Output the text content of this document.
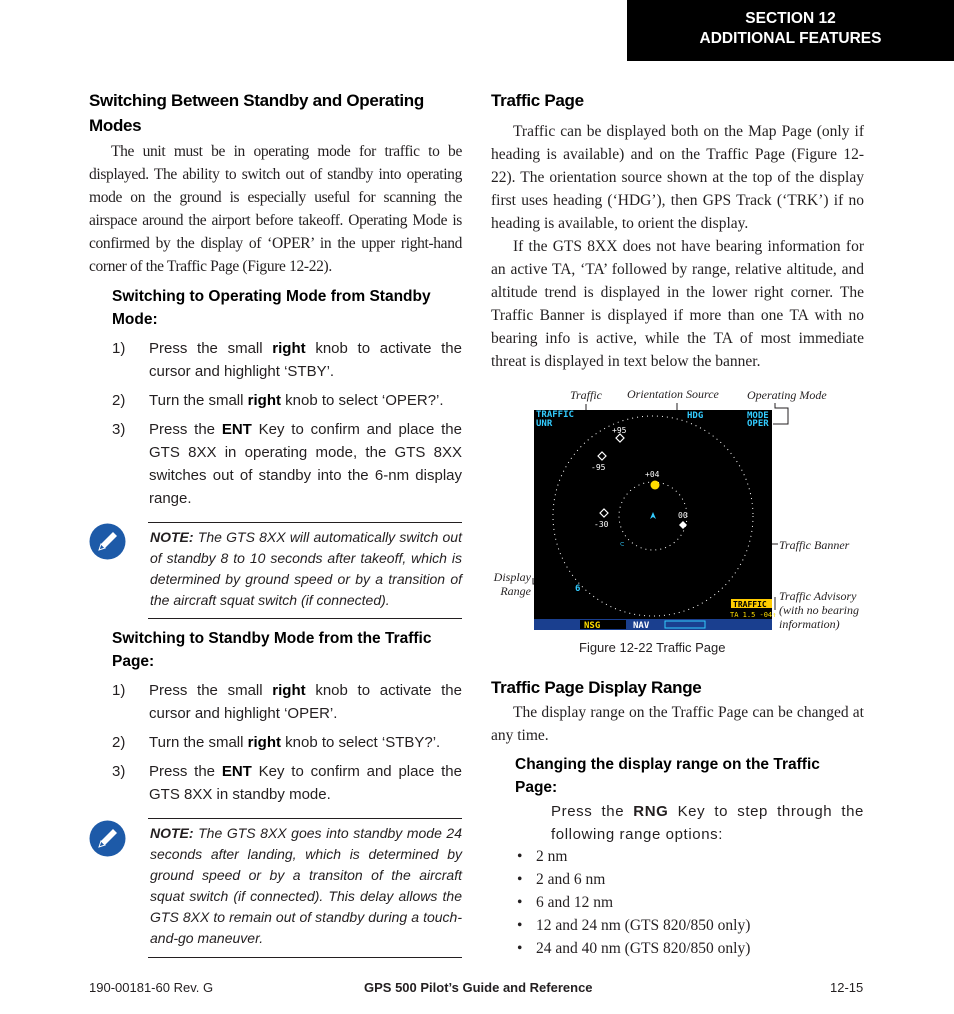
SECTION 12
ADDITIONAL FEATURES
Switching Between Standby and Operating Modes

The unit must be in operating mode for traffic to be displayed. The ability to switch out of standby into operating mode on the ground is especially useful for scanning the airspace around the airport before takeoff. Operating Mode is confirmed by the display of ‘OPER’ in the upper right-hand corner of the Traffic Page (Figure 12-22).

Switching to Operating Mode from Standby Mode:
1) Press the small right knob to activate the cursor and highlight ‘STBY’.
2) Turn the small right knob to select ‘OPER?’.
3) Press the ENT Key to confirm and place the GTS 8XX in operating mode, the GTS 8XX switches out of standby into the 6-nm display range.
NOTE: The GTS 8XX will automatically switch out of standby 8 to 10 seconds after takeoff, which is determined by ground speed or by a transition of the aircraft squat switch (if connected).
Switching to Standby Mode from the Traffic Page:
1) Press the small right knob to activate the cursor and highlight ‘OPER’.
2) Turn the small right knob to select ‘STBY?’.
3) Press the ENT Key to confirm and place the GTS 8XX in standby mode.
NOTE: The GTS 8XX goes into standby mode 24 seconds after landing, which is determined by ground speed or by a transiton of the aircraft squat switch (if connected). This delay allows the GTS 8XX to remain out of standby during a touch-and-go maneuver.
Traffic Page

Traffic can be displayed both on the Map Page (only if heading is available) and on the Traffic Page (Figure 12-22). The orientation source shown at the top of the display first uses heading (‘HDG’), then GPS Track (‘TRK’) if no heading is available, to orient the display.

If the GTS 8XX does not have bearing information for an active TA, ‘TA’ followed by range, relative altitude, and altitude trend is displayed in the lower right corner. The Traffic Banner is displayed if more than one TA with no bearing info is active, while the TA of most immediate threat is displayed in text below the banner.

Traffic Orientation Source Operating Mode
Traffic Banner
Display
Range	Traffic Advisory
(with no bearing
information)
TRAFFIC
UNR
HDG	MODE
OPER
6
⊂
+95
-95
+04
-30
00
TRAFFIC
TA 1.5 -04↑
NSG	NAV
Figure 12-22 Traffic Page
Traffic Page Display Range

The display range on the Traffic Page can be changed at any time.

Changing the display range on the Traffic Page:
Press the RNG Key to step through the following range options:
• 2 nm
• 2 and 6 nm
• 6 and 12 nm
• 12 and 24 nm (GTS 820/850 only)
• 24 and 40 nm (GTS 820/850 only)
190-00181-60 Rev. G	GPS 500 Pilot’s Guide and Reference	12-15
